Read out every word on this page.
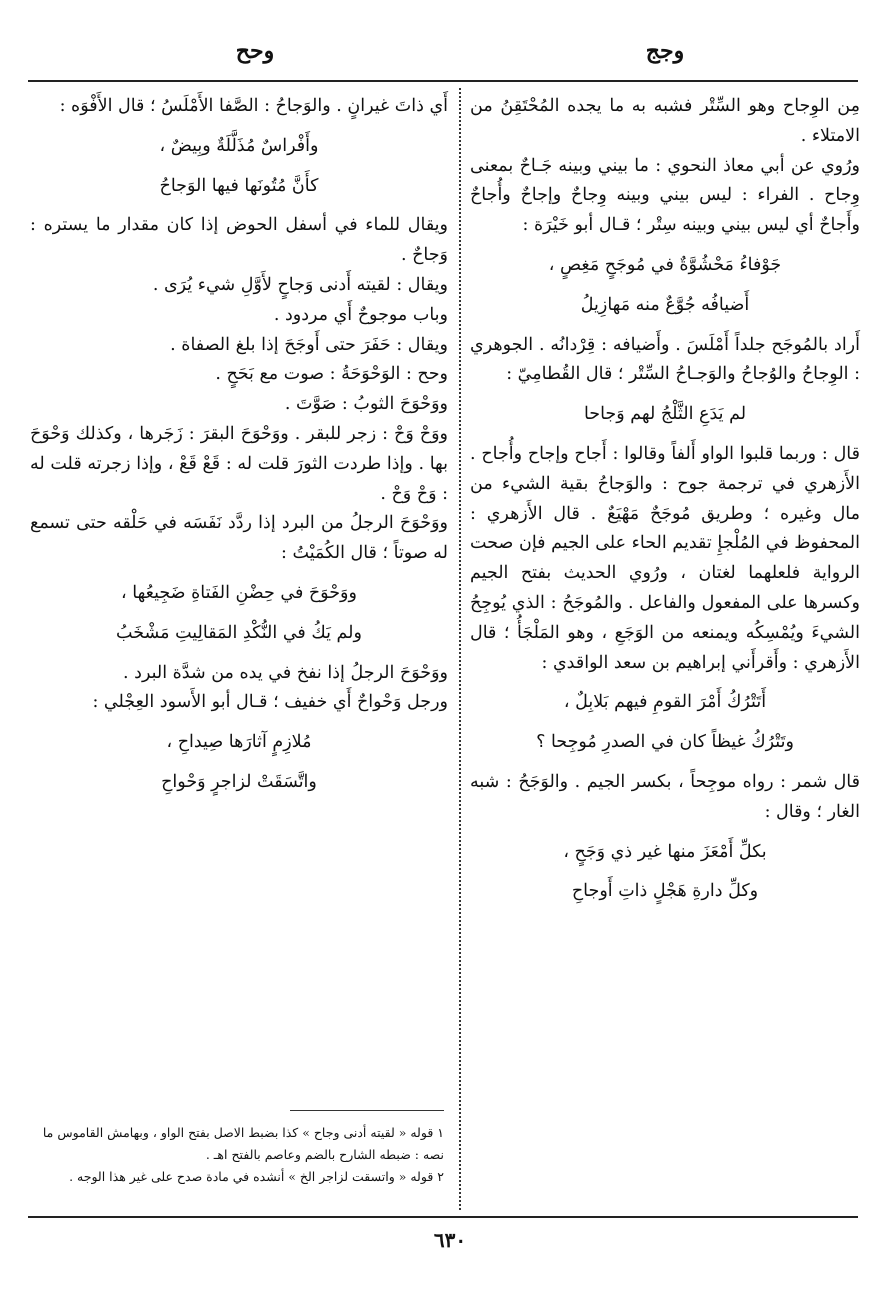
وجج
وحح

مِن الوِجاح وهو السِّتْر فشبه به ما يجده المُحْتَقِنُ من الامتلاء .

ورُوي عن أبي معاذ النحوي : ما بيني وبينه جَـاحٌ بمعنى وِجاح . الفراء : ليس بيني وبينه وِجاحٌ وإجاحٌ وأُجاحٌ وأَجاحٌ أي ليس بيني وبينه سِتْر ؛ قـال أبو خَيْرَة :

جَوْفاءُ مَحْشُوَّةٌ في مُوجَحٍ مَغِصٍ ،

أَضيافُه جُوَّعٌ منه مَهازِيلُ

أَراد بالمُوجَح جلداً أَمْلَسَ . وأَضيافه : قِرْدانُه . الجوهري : الوِجاحُ والوُجاحُ والوَجـاحُ السِّتْر ؛ قال القُطامِيّ :

لم يَدَعِ الثَّلْجُ لهم وَجاحا

قال : وربما قلبوا الواو أَلفاً وقالوا : أَجاح وإجاح وأُجاح . الأَزهري في ترجمة جوح : والوَجاحُ بقية الشيء من مال وغيره ؛ وطريق مُوجَحٌ مَهْيَعٌ . قال الأَزهري : المحفوظ في المُلْجإِ تقديم الحاء على الجيم فإن صحت الرواية فلعلهما لغتان ، ورُوي الحديث بفتح الجيم وكسرها على المفعول والفاعل . والمُوجَحُ : الذي يُوجِحُ الشيءَ ويُمْسِكُه ويمنعه من الوَجَعِ ، وهو المَلْجَأُ ؛ قال الأَزهري : وأَقرأَني إبراهيم بن سعد الواقدي :

أَتَتْرُكُ أَمْرَ القومِ فيهم بَلابِلٌ ،

وتَتْرُكُ غيظاً كان في الصدرِ مُوجِحا ؟

قال شمر : رواه موجِحاً ، بكسر الجيم . والوَجَحُ : شبه الغار ؛ وقال :

بكلِّ أَمْعَزَ منها غير ذي وَجَحٍ ،

وكلِّ دارةِ هَجْلٍ ذاتِ أَوجاحِ

أَي ذاتَ غيرانٍ . والوَجاحُ : الصَّفا الأَمْلَسُ ؛ قال الأَفْوَه :

وأَفْراسٌ مُذَلَّلَةٌ وبِيضٌ ،

كأَنَّ مُتُونَها فيها الوَجاحُ

ويقال للماء في أسفل الحوض إذا كان مقدار ما يستره : وَجاحٌ .

ويقال : لقيته أَدنى وَجاحٍ لأَوَّلِ شيء يُرَى .

وباب موجوحٌ أَي مردود .

ويقال : حَفَرَ حتى أَوجَحَ إذا بلغ الصفاة .

وحح : الوَحْوَحَةُ : صوت مع بَحَحٍ .

ووَحْوَحَ الثوبُ : صَوَّتَ .

ووَحْ وَحْ : زجر للبقر . ووَحْوَحَ البقرَ : زَجَرها ، وكذلك وَحْوَحَ بها . وإذا طردت الثورَ قلت له : قَعْ قَعْ ، وإذا زجرته قلت له : وَحْ وَحْ .

ووَحْوَحَ الرجلُ من البرد إذا ردَّد نَفَسَه في حَلْقه حتى تسمع له صوتاً ؛ قال الكُمَيْتُ :

ووَحْوَحَ في حِضْنِ الفَتاةِ ضَجِيعُها ،

ولم يَكُ في النُّكْدِ المَقالِيتِ مَشْخَبُ

ووَحْوَحَ الرجلُ إذا نفخ في يده من شدَّة البرد .

ورجل وَحْواحٌ أَي خفيف ؛ قـال أبو الأَسود العِجْلي :

مُلازِمٍ آثارَها صِيداحِ ،

واتَّسَقَتْ لزاجرٍ وَحْواحِ

١ قوله « لقيته أدنى وجاح » كذا بضبط الاصل بفتح الواو ، وبهامش القاموس ما نصه : ضبطه الشارح بالضم وعاصم بالفتح اهـ .

٢ قوله « واتسقت لزاجر الخ » أنشده في مادة صدح على غير هذا الوجه .

٦٣٠
